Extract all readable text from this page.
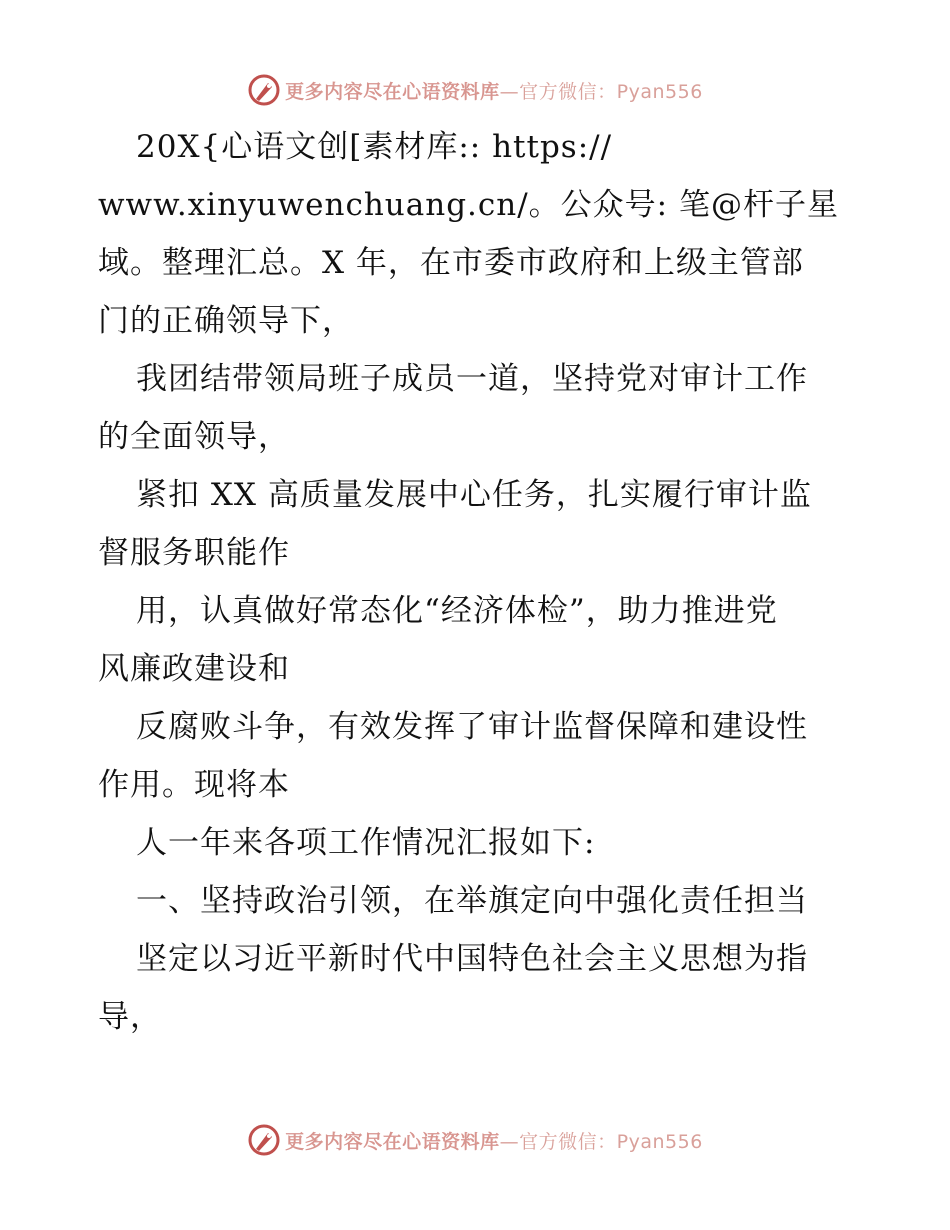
更多内容尽在心语资料库—官方微信：Pyan556
20X{心语文创[素材库:: https://
www.xinyuwenchuang.cn/。公众号: 笔@杆子星
域。整理汇总。X 年，在市委市政府和上级主管部
门的正确领导下，
我团结带领局班子成员一道，坚持党对审计工作
的全面领导，
紧扣 XX 高质量发展中心任务，扎实履行审计监
督服务职能作
用，认真做好常态化“经济体检”，助力推进党
风廉政建设和
反腐败斗争，有效发挥了审计监督保障和建设性
作用。现将本
人一年来各项工作情况汇报如下:
一、坚持政治引领，在举旗定向中强化责任担当
坚定以习近平新时代中国特色社会主义思想为指
导，
更多内容尽在心语资料库—官方微信：Pyan556
